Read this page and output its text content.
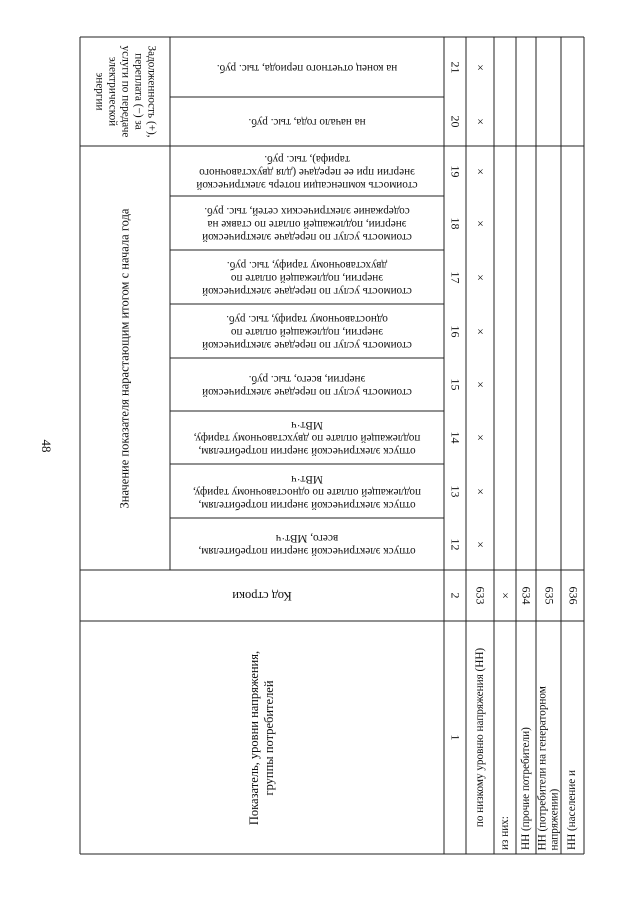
48
Задолженность (+), переплата (−) за услуги по передаче электрической энергии
Значение показателя нарастающим итогом с начала года
на конец отчетного периода, тыс. руб.
на начало года, тыс. руб.
стоимость компенсации потерь электрической энергии при ее передаче (для двухставочного тарифа), тыс. руб.
стоимость услуг по передаче электрической энергии, подлежащей оплате по ставке на содержание электрических сетей, тыс. руб.
стоимость услуг по передаче электрической энергии, подлежащей оплате по двухставочному тарифу, тыс. руб.
стоимость услуг по передаче электрической энергии, подлежащей оплате по одноставочному тарифу, тыс. руб.
стоимость услуг по передаче электрической энергии, всего, тыс. руб.
отпуск электрической энергии потребителям, подлежащей оплате по двухставочному тарифу, МВт·ч
отпуск электрической энергии потребителям, подлежащей оплате по одноставочному тарифу, МВт·ч
отпуск электрической энергии потребителям, всего, МВт·ч
Код строки
Показатель, уровни напряжения, группы потребителей
21
20
19
18
17
16
15
14
13
12
2
1 по низкому уровню напряжения (НН)
633
×
×
×
×
×
×
×
×
×
×
из них:
×
НН (прочие потребители)
634
НН (потребители на генераторном напряжении)
635
НН (население и
636
